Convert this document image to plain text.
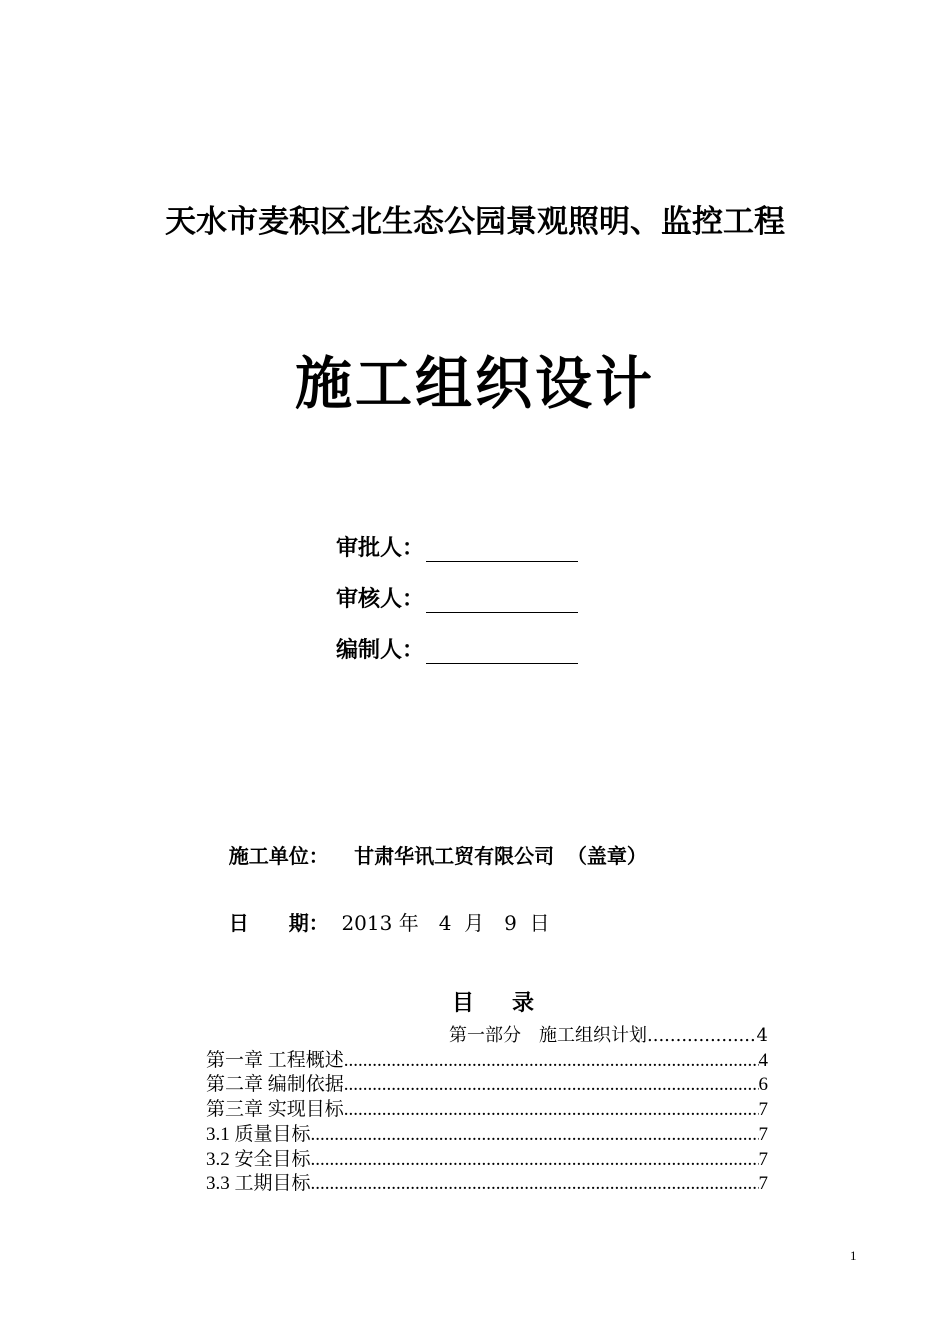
天水市麦积区北生态公园景观照明、监控工程
施工组织设计
审批人：
审核人：
编制人：

施工单位： 甘肃华讯工贸有限公司 （盖章）

日　　期： 2013 年　4  月　9  日

目录
第一部分　施工组织计划 .....	4
第一章 工程概述 .....	4
第二章 编制依据 .....	6
第三章 实现目标 .....	7
3.1 质量目标 .....	7
3.2 安全目标 .....	7
3.3 工期目标 .....	7
1
